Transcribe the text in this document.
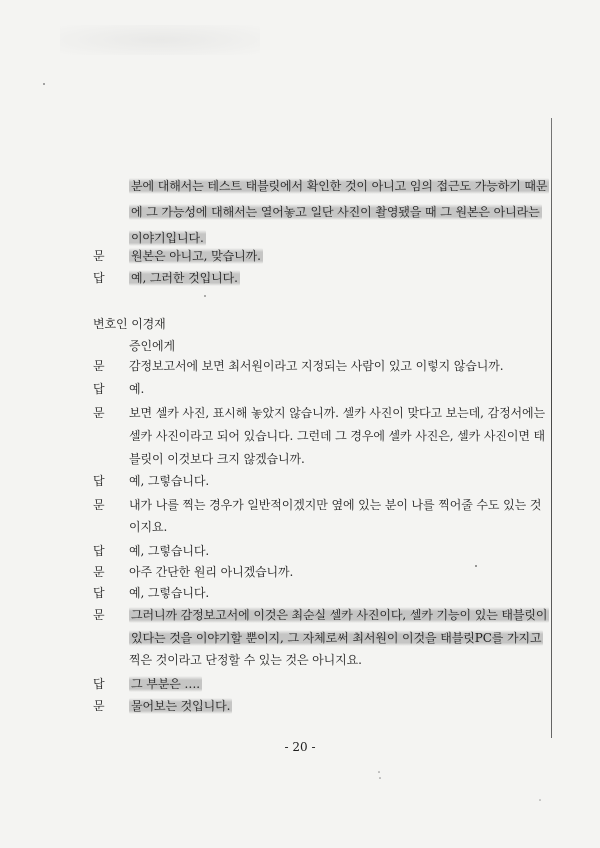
분에 대해서는 테스트 태블릿에서 확인한 것이 아니고 임의 접근도 가능하기 때문
에 그 가능성에 대해서는 열어놓고 일단 사진이 촬영됐을 때 그 원본은 아니라는
이야기입니다.
문 원본은 아니고, 맞습니까.
답 예, 그러한 것입니다.
변호인 이경재
증인에게
문 감정보고서에 보면 최서원이라고 지정되는 사람이 있고 이렇지 않습니까.
답 예.
문 보면 셀카 사진, 표시해 놓았지 않습니까. 셀카 사진이 맞다고 보는데, 감정서에는
셀카 사진이라고 되어 있습니다. 그런데 그 경우에 셀카 사진은, 셀카 사진이면 태
블릿이 이것보다 크지 않겠습니까.
답 예, 그렇습니다.
문 내가 나를 찍는 경우가 일반적이겠지만 옆에 있는 분이 나를 찍어줄 수도 있는 것
이지요.
답 예, 그렇습니다.
문 아주 간단한 원리 아니겠습니까.
답 예, 그렇습니다.
문 그러니까 감정보고서에 이것은 최순실 셀카 사진이다, 셀카 기능이 있는 태블릿이
있다는 것을 이야기할 뿐이지, 그 자체로써 최서원이 이것을 태블릿PC를 가지고
찍은 것이라고 단정할 수 있는 것은 아니지요.
답 그 부분은 ….
문 물어보는 것입니다.
- 20 -
